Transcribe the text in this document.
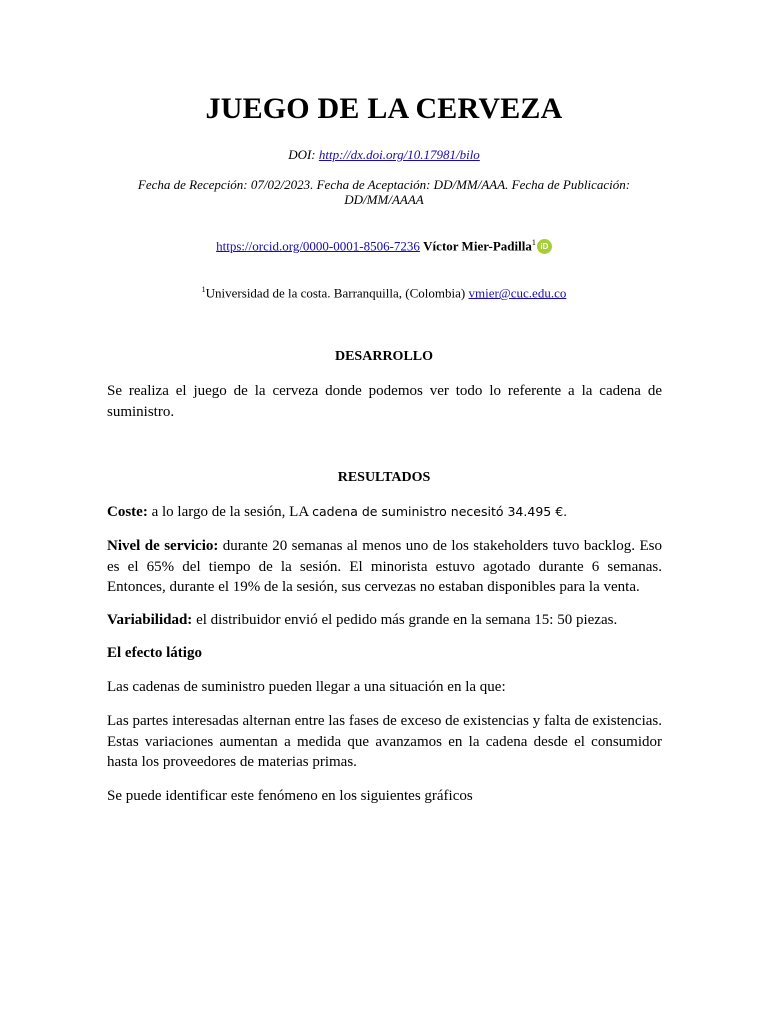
JUEGO DE LA CERVEZA
DOI: http://dx.doi.org/10.17981/bilo
Fecha de Recepción: 07/02/2023. Fecha de Aceptación: DD/MM/AAA. Fecha de Publicación: DD/MM/AAAA
https://orcid.org/0000-0001-8506-7236 Víctor Mier-Padilla$^1$ iD
$^1$Universidad de la costa. Barranquilla, (Colombia) vmier@cuc.edu.co
DESARROLLO
Se realiza el juego de la cerveza donde podemos ver todo lo referente a la cadena de suministro.
RESULTADOS
Coste: a lo largo de la sesión, LA cadena de suministro necesitó 34.495 €.
Nivel de servicio: durante 20 semanas al menos uno de los stakeholders tuvo backlog. Eso es el 65% del tiempo de la sesión. El minorista estuvo agotado durante 6 semanas. Entonces, durante el 19% de la sesión, sus cervezas no estaban disponibles para la venta.
Variabilidad: el distribuidor envió el pedido más grande en la semana 15: 50 piezas.
El efecto látigo
Las cadenas de suministro pueden llegar a una situación en la que:
Las partes interesadas alternan entre las fases de exceso de existencias y falta de existencias. Estas variaciones aumentan a medida que avanzamos en la cadena desde el consumidor hasta los proveedores de materias primas.
Se puede identificar este fenómeno en los siguientes gráficos
